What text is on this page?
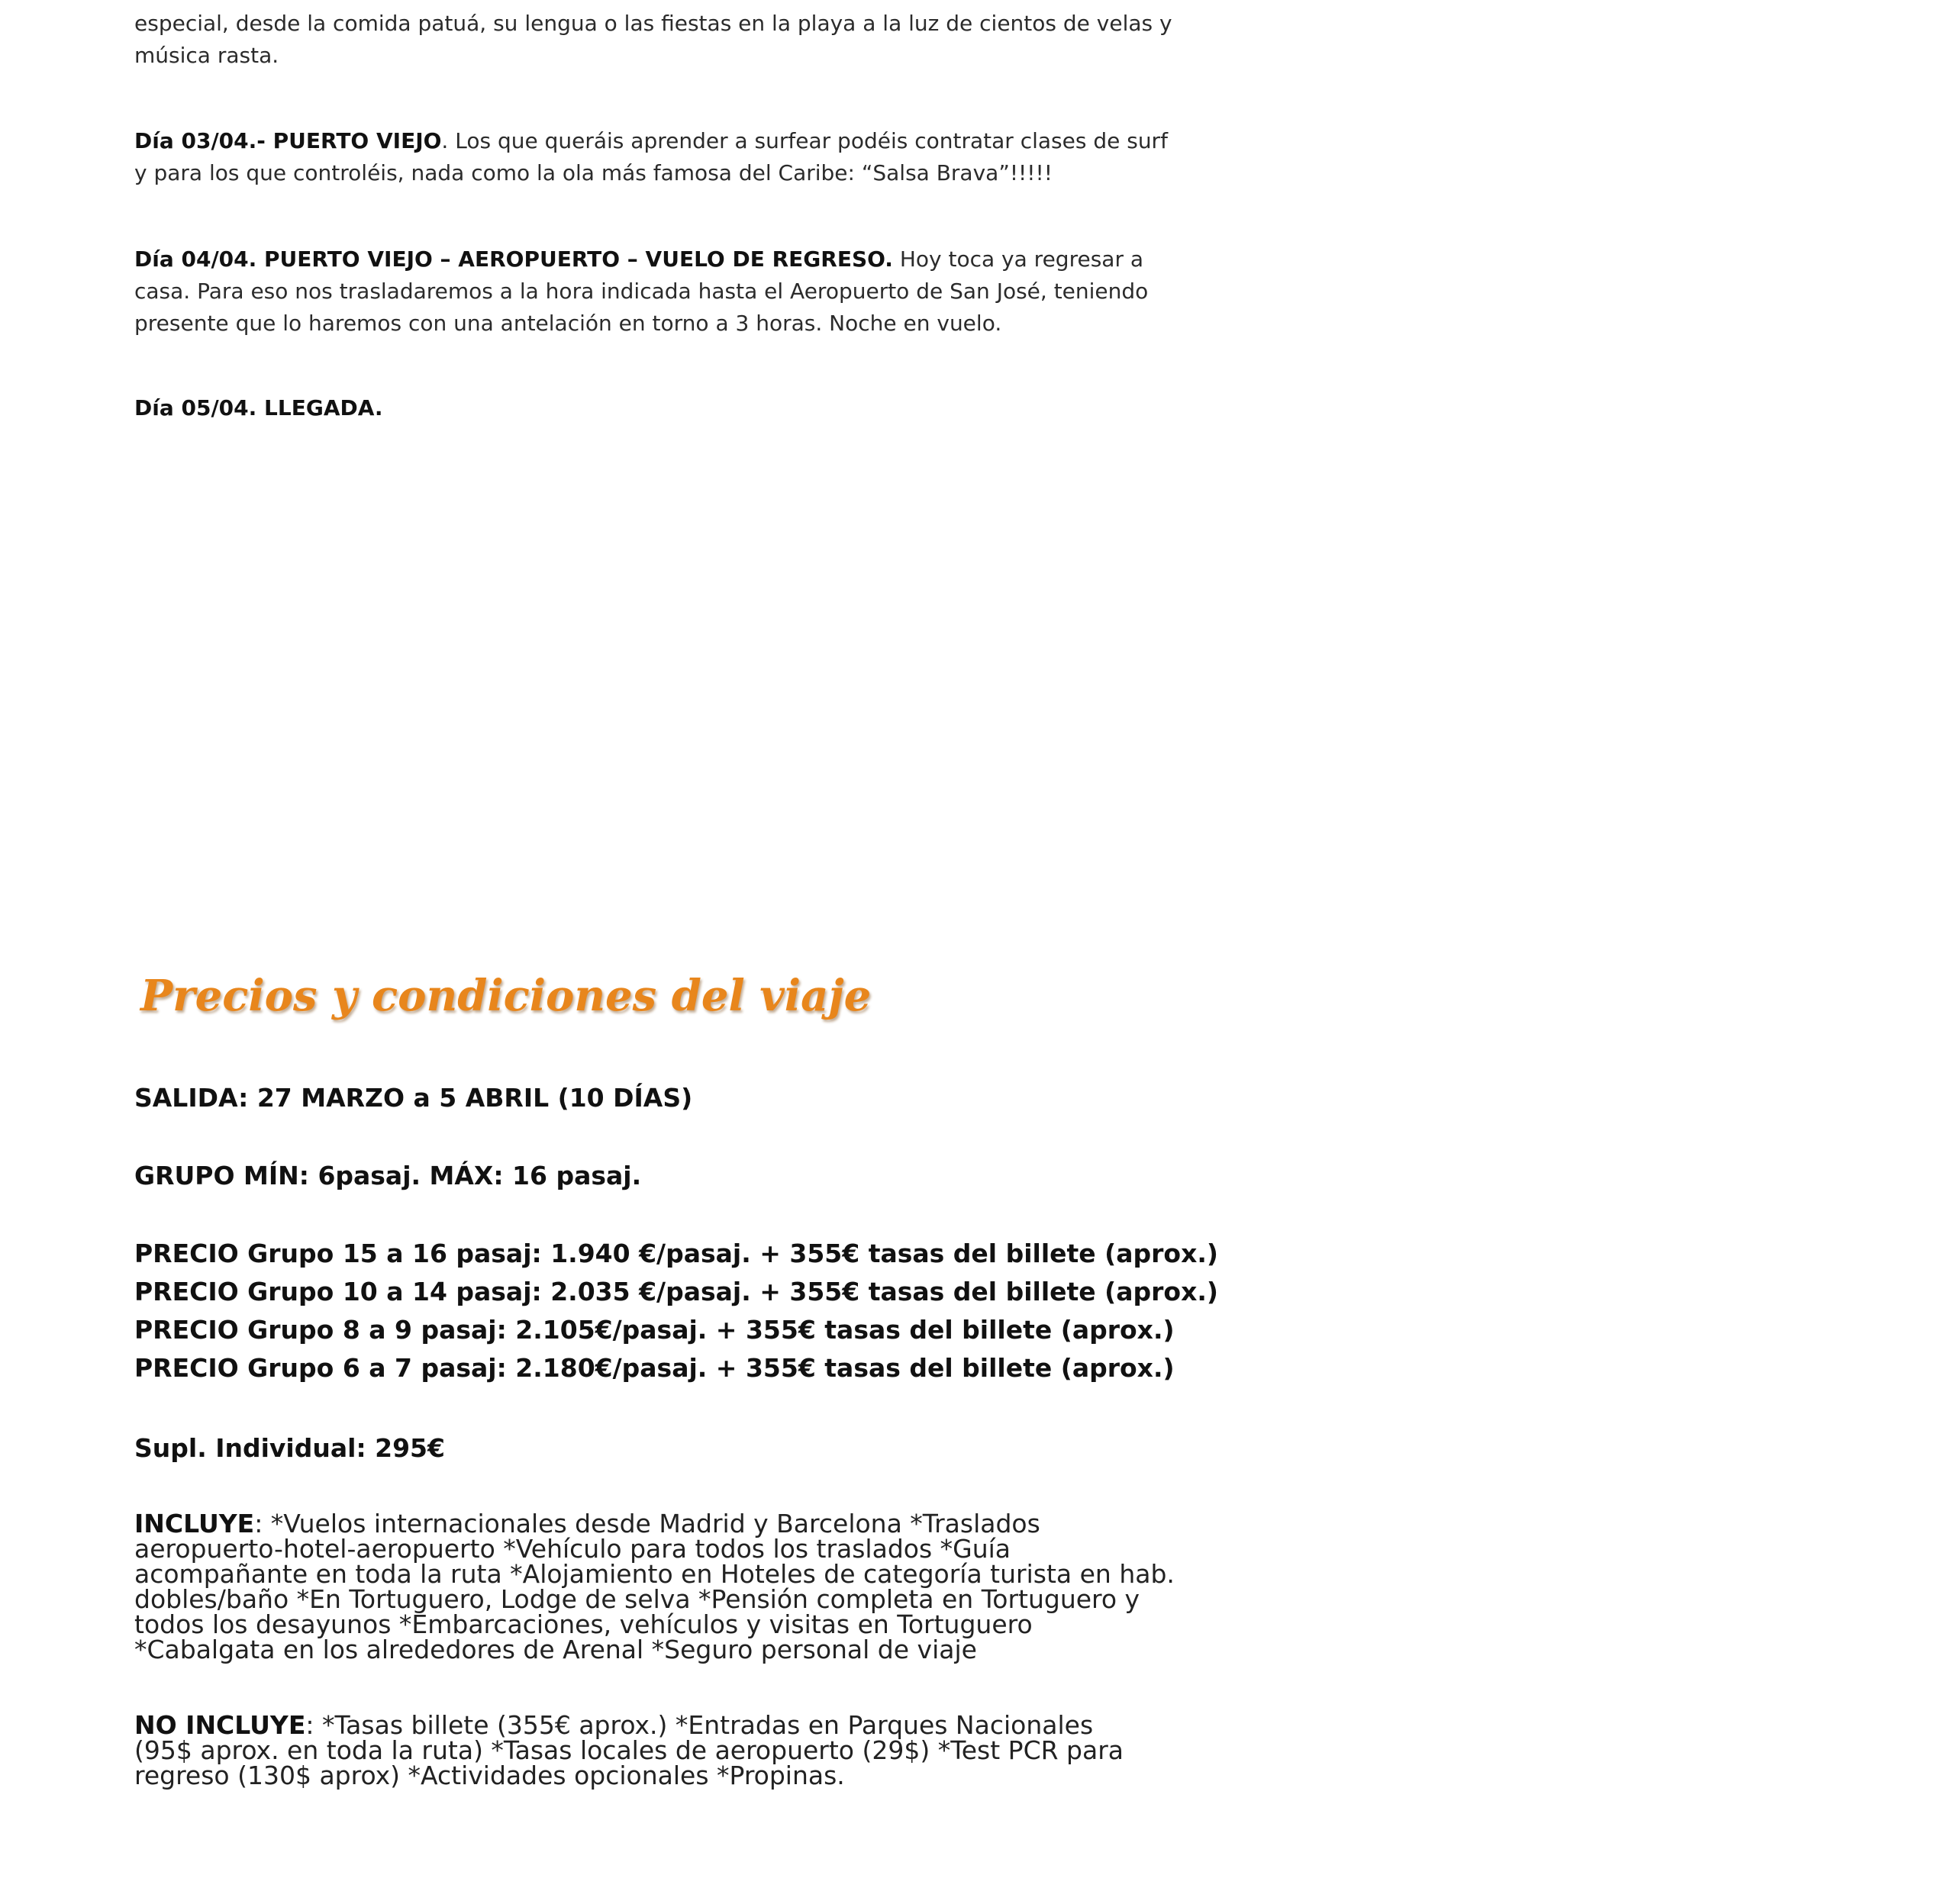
especial, desde la comida patuá, su lengua o las fiestas en la playa a la luz de cientos de velas y música rasta.

Día 03/04.- PUERTO VIEJO. Los que queráis aprender a surfear podéis contratar clases de surf y para los que controléis, nada como la ola más famosa del Caribe: “Salsa Brava”!!!!!

Día 04/04. PUERTO VIEJO – AEROPUERTO – VUELO DE REGRESO. Hoy toca ya regresar a casa. Para eso nos trasladaremos a la hora indicada hasta el Aeropuerto de San José, teniendo presente que lo haremos con una antelación en torno a 3 horas. Noche en vuelo.

Día 05/04. LLEGADA.

Precios y condiciones del viaje

SALIDA: 27 MARZO a 5 ABRIL (10 DÍAS)

GRUPO MÍN: 6pasaj. MÁX: 16 pasaj.

PRECIO Grupo 15 a 16 pasaj: 1.940 €/pasaj. + 355€ tasas del billete (aprox.)

PRECIO Grupo 10 a 14 pasaj: 2.035 €/pasaj. + 355€ tasas del billete (aprox.)

PRECIO Grupo 8 a 9 pasaj: 2.105€/pasaj. + 355€ tasas del billete (aprox.)

PRECIO Grupo 6 a 7 pasaj: 2.180€/pasaj. + 355€ tasas del billete (aprox.)

Supl. Individual: 295€

INCLUYE: *Vuelos internacionales desde Madrid y Barcelona *Traslados aeropuerto-hotel-aeropuerto *Vehículo para todos los traslados *Guía acompañante en toda la ruta *Alojamiento en Hoteles de categoría turista en hab. dobles/baño *En Tortuguero, Lodge de selva *Pensión completa en Tortuguero y todos los desayunos *Embarcaciones, vehículos y visitas en Tortuguero *Cabalgata en los alrededores de Arenal *Seguro personal de viaje

NO INCLUYE: *Tasas billete (355€ aprox.) *Entradas en Parques Nacionales (95$ aprox. en toda la ruta) *Tasas locales de aeropuerto (29$) *Test PCR para regreso (130$ aprox) *Actividades opcionales *Propinas.
